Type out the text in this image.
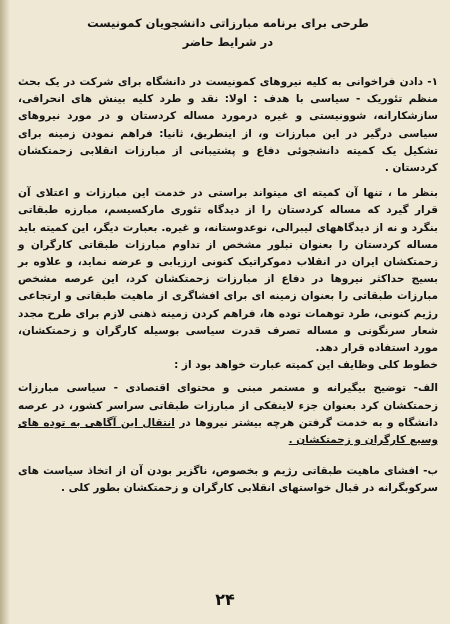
طرحی برای برنامه مبارزاتی دانشجویان کمونیست

در شرایط حاضر

۱- دادن فراخوانی به کلیه نیروهای کمونیست در دانشگاه برای شرکت در یک بحث منظم تئوریک - سیاسی با هدف : اولا: نقد و طرد کلیه بینش های انحرافی، سازشکارانه، شوونیستی و غیره درمورد مساله کردستان و در مورد نیروهای سیاسی درگیر در این مبارزات و، از اینطریق، ثانیا: فراهم نمودن زمینه برای تشکیل یک کمیته دانشجوئی دفاع و پشتیبانی از مبارزات انقلابی زحمتکشان کردستان .

بنظر ما ، تنها آن کمیته ای میتواند براستی در خدمت این مبارزات و اعتلای آن قرار گیرد که مساله کردستان را از دیدگاه تئوری مارکسیسم، مبارزه طبقاتی بنگرد و نه از دیدگاههای لیبرالی، نوعدوستانه، و غیره. بعبارت دیگر، این کمیته باید مساله کردستان را بعنوان تبلور مشخص از تداوم مبارزات طبقاتی کارگران و زحمتکشان ایران در انقلاب دموکراتیک کنونی ارزیابی و عرضه نماید، و علاوه بر بسیج حداکثر نیروها در دفاع از مبارزات زحمتکشان کرد، این عرصه مشخص مبارزات طبقاتی را بعنوان زمینه ای برای افشاگری از ماهیت طبقاتی و ارتجاعی رژیم کنونی، طرد توهمات توده ها، فراهم کردن زمینه ذهنی لازم برای طرح مجدد شعار سرنگونی و مساله تصرف قدرت سیاسی بوسیله کارگران و زحمتکشان، مورد استفاده قرار دهد.

خطوط کلی وظایف این کمیته عبارت خواهد بود از :

الف- توضیح بیگیرانه و مستمر مبنی و محتوای اقتصادی - سیاسی مبارزات زحمتکشان کرد بعنوان جزء لاینفکی از مبارزات طبقاتی سراسر کشور، در عرصه دانشگاه و به خدمت گرفتن هرچه بیشتر نیروها در انتقال این آگاهی به توده های وسیع کارگران و زحمتکشان .

ب- افشای ماهیت طبقاتی رژیم و بخصوص، ناگزیر بودن آن از اتخاذ سیاست های سرکوبگرانه در قبال خواستهای انقلابی کارگران و زحمتکشان بطور کلی .

۲۴
